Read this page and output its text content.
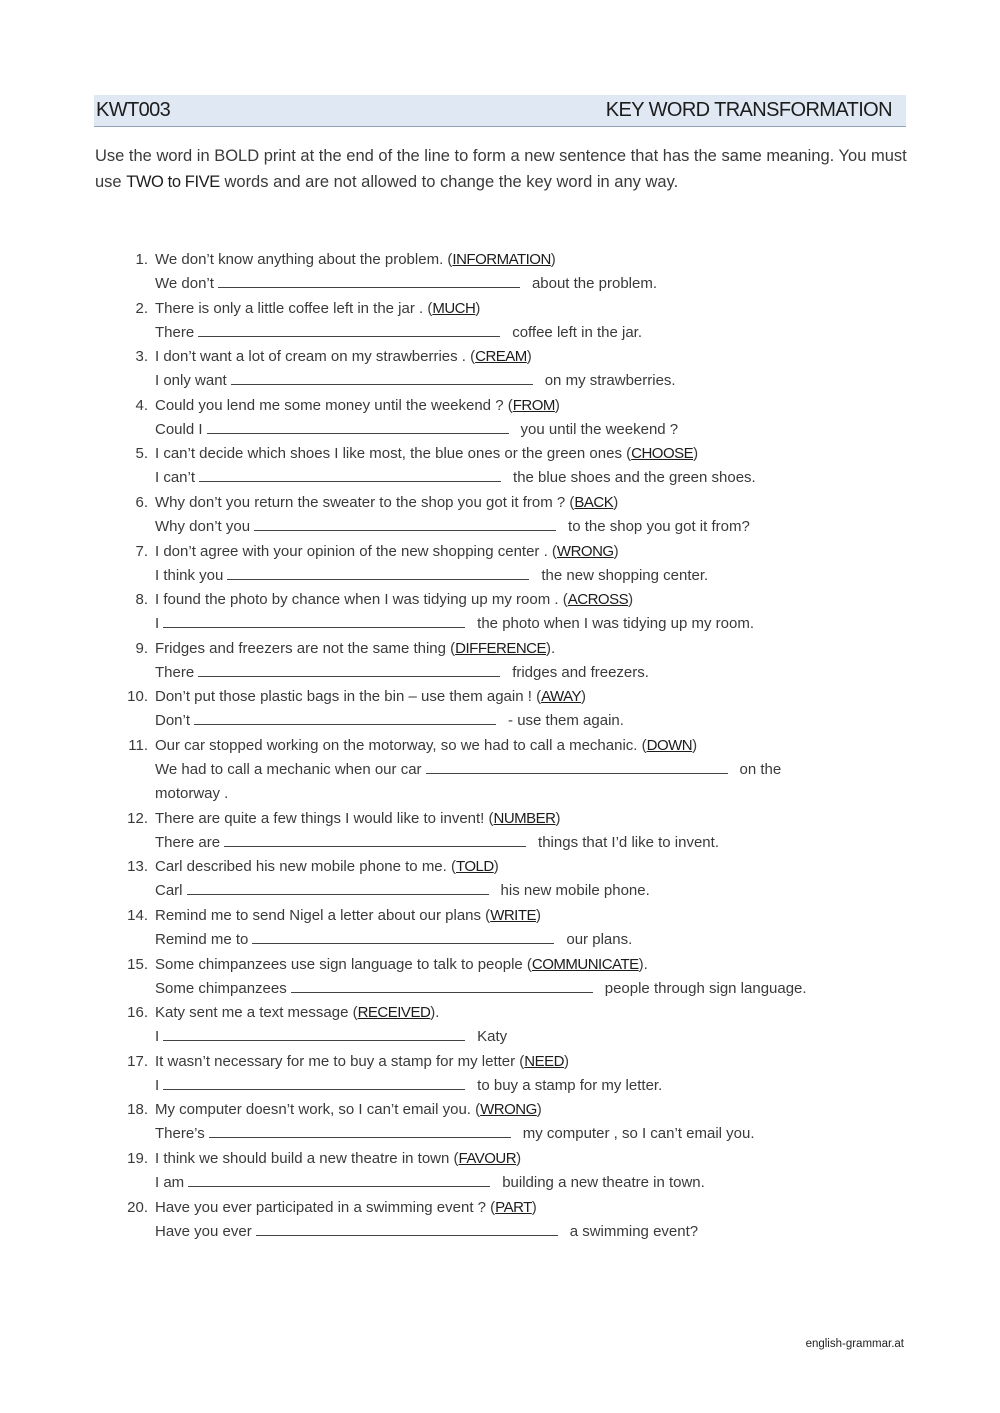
KWT003	KEY WORD TRANSFORMATION

Use the word in BOLD print at the end of the line to form a new sentence that has the same meaning. You must use TWO to FIVE words and are not allowed to change the key word in any way.

1. We don’t know anything about the problem. (INFORMATION)
We don’t	about the problem.
2. There is only a little coffee left in the jar . (MUCH)
There	coffee left in the jar.
3. I don’t want a lot of cream on my strawberries . (CREAM)
I only want	on my strawberries.
4. Could you lend me some money until the weekend ? (FROM)
Could I	you until the weekend ?
5. I can’t decide which shoes I like most, the blue ones or the green ones (CHOOSE)
I can’t	the blue shoes and the green shoes.
6. Why don’t you return the sweater to the shop you got it from ? (BACK)
Why don’t you	to the shop you got it from?
7. I don’t agree with your opinion of the new shopping center . (WRONG)
I think you	the new shopping center.
8. I found the photo by chance when I was tidying up my room . (ACROSS)
I	the photo when I was tidying up my room.
9. Fridges and freezers are not the same thing (DIFFERENCE).
There	fridges and freezers.
10. Don’t put those plastic bags in the bin – use them again ! (AWAY)
Don’t	- use them again.
11. Our car stopped working on the motorway, so we had to call a mechanic. (DOWN)
We had to call a mechanic when our car	on the motorway .
12. There are quite a few things I would like to invent! (NUMBER)
There are	things that I’d like to invent.
13. Carl described his new mobile phone to me. (TOLD)
Carl	his new mobile phone.
14. Remind me to send Nigel a letter about our plans (WRITE)
Remind me to	our plans.
15. Some chimpanzees use sign language to talk to people (COMMUNICATE).
Some chimpanzees	people through sign language.
16. Katy sent me a text message (RECEIVED).
I	Katy
17. It wasn’t necessary for me to buy a stamp for my letter (NEED)
I	to buy a stamp for my letter.
18. My computer doesn’t work, so I can’t email you. (WRONG)
There’s	my computer , so I can’t email you.
19. I think we should build a new theatre in town (FAVOUR)
I am	building a new theatre in town.
20. Have you ever participated in a swimming event ? (PART)
Have you ever	a swimming event?
english-grammar.at
